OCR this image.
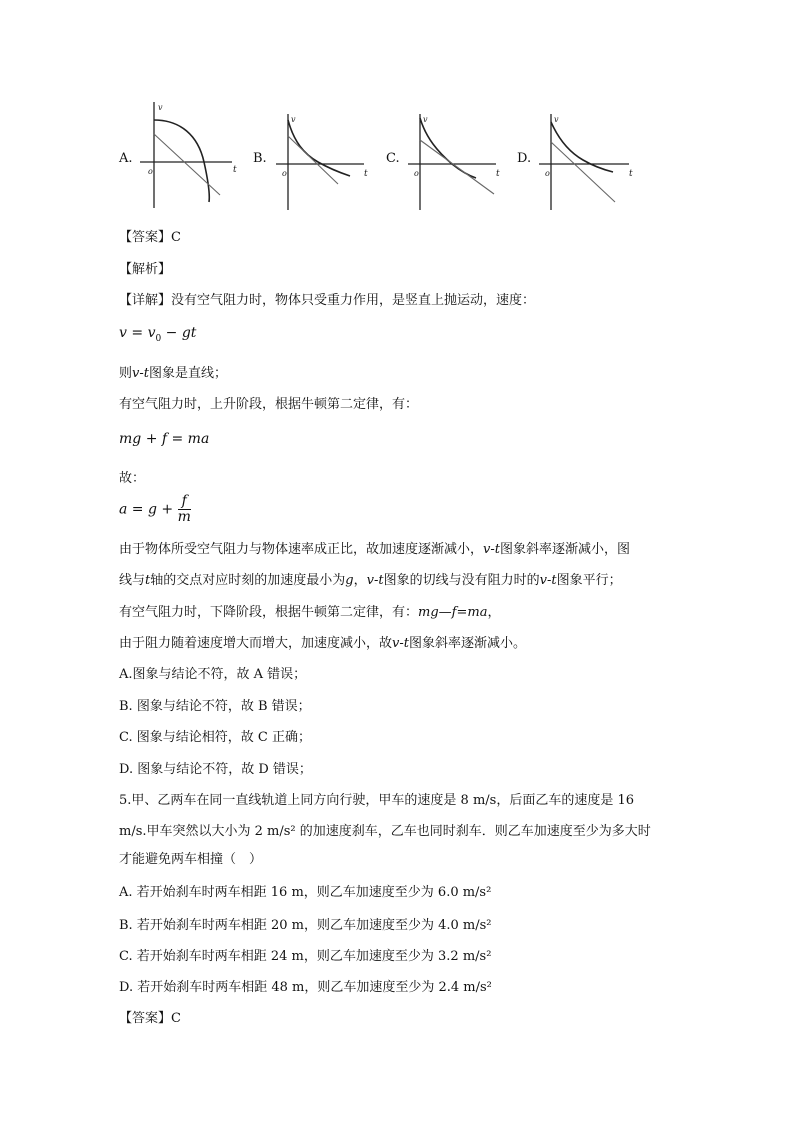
A.	B.	C.	D.
v
o	t
v
o	t
v
o	t
v
o	t
【答案】C
【解析】
【详解】没有空气阻力时，物体只受重力作用，是竖直上抛运动，速度：
$v = v_0$ − gt
则v-t图象是直线；
有空气阻力时，上升阶段，根据牛顿第二定律，有：
mg + f = ma
故：
$a = g + \frac{f}{m}$
由于物体所受空气阻力与物体速率成正比，故加速度逐渐减小，v-t图象斜率逐渐减小，图
线与t轴的交点对应时刻的加速度最小为g，v-t图象的切线与没有阻力时的v-t图象平行；
有空气阻力时，下降阶段，根据牛顿第二定律，有：mg—f=ma，
由于阻力随着速度增大而增大，加速度减小，故v-t图象斜率逐渐减小。
A.图象与结论不符，故 A 错误；
B. 图象与结论不符，故 B 错误；
C. 图象与结论相符，故 C 正确；
D. 图象与结论不符，故 D 错误；
5.甲、乙两车在同一直线轨道上同方向行驶，甲车的速度是 8 m/s，后面乙车的速度是 16
m/s.甲车突然以大小为 2 m/s² 的加速度刹车，乙车也同时刹车．则乙车加速度至少为多大时
才能避免两车相撞（　）
A. 若开始刹车时两车相距 16 m，则乙车加速度至少为 6.0 m/s²
B. 若开始刹车时两车相距 20 m，则乙车加速度至少为 4.0 m/s²
C. 若开始刹车时两车相距 24 m，则乙车加速度至少为 3.2 m/s²
D. 若开始刹车时两车相距 48 m，则乙车加速度至少为 2.4 m/s²
【答案】C
